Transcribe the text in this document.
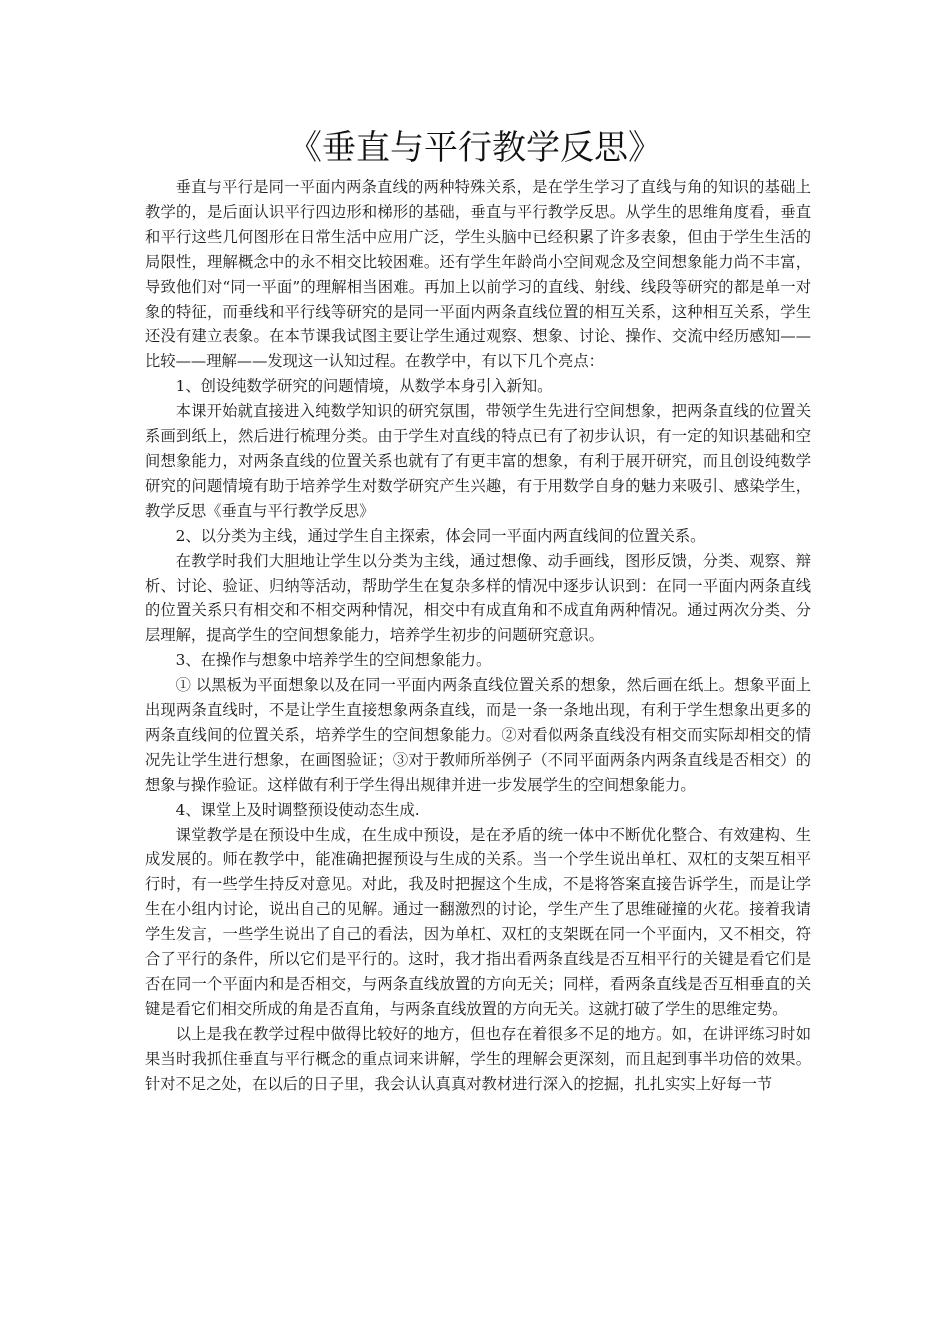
《垂直与平行教学反思》

垂直与平行是同一平面内两条直线的两种特殊关系，是在学生学习了直线与角的知识的基础上教学的，是后面认识平行四边形和梯形的基础，垂直与平行教学反思。从学生的思维角度看，垂直和平行这些几何图形在日常生活中应用广泛，学生头脑中已经积累了许多表象，但由于学生生活的局限性，理解概念中的永不相交比较困难。还有学生年龄尚小空间观念及空间想象能力尚不丰富，导致他们对“同一平面”的理解相当困难。再加上以前学习的直线、射线、线段等研究的都是单一对象的特征，而垂线和平行线等研究的是同一平面内两条直线位置的相互关系，这种相互关系，学生还没有建立表象。在本节课我试图主要让学生通过观察、想象、讨论、操作、交流中经历感知——比较——理解——发现这一认知过程。在教学中，有以下几个亮点：

1、创设纯数学研究的问题情境，从数学本身引入新知。

本课开始就直接进入纯数学知识的研究氛围，带领学生先进行空间想象，把两条直线的位置关系画到纸上，然后进行梳理分类。由于学生对直线的特点已有了初步认识，有一定的知识基础和空间想象能力，对两条直线的位置关系也就有了有更丰富的想象，有利于展开研究，而且创设纯数学研究的问题情境有助于培养学生对数学研究产生兴趣，有于用数学自身的魅力来吸引、感染学生，教学反思《垂直与平行教学反思》

2、以分类为主线，通过学生自主探索，体会同一平面内两直线间的位置关系。

在教学时我们大胆地让学生以分类为主线，通过想像、动手画线，图形反馈，分类、观察、辩析、讨论、验证、归纳等活动，帮助学生在复杂多样的情况中逐步认识到：在同一平面内两条直线的位置关系只有相交和不相交两种情况，相交中有成直角和不成直角两种情况。通过两次分类、分层理解，提高学生的空间想象能力，培养学生初步的问题研究意识。

3、在操作与想象中培养学生的空间想象能力。

① 以黑板为平面想象以及在同一平面内两条直线位置关系的想象，然后画在纸上。想象平面上出现两条直线时，不是让学生直接想象两条直线，而是一条一条地出现，有利于学生想象出更多的两条直线间的位置关系，培养学生的空间想象能力。②对看似两条直线没有相交而实际却相交的情况先让学生进行想象，在画图验证；③对于教师所举例子（不同平面两条内两条直线是否相交）的想象与操作验证。这样做有利于学生得出规律并进一步发展学生的空间想象能力。

4、课堂上及时调整预设使动态生成.

课堂教学是在预设中生成，在生成中预设，是在矛盾的统一体中不断优化整合、有效建构、生成发展的。师在教学中，能准确把握预设与生成的关系。当一个学生说出单杠、双杠的支架互相平行时，有一些学生持反对意见。对此，我及时把握这个生成，不是将答案直接告诉学生，而是让学生在小组内讨论，说出自己的见解。通过一翻激烈的讨论，学生产生了思维碰撞的火花。接着我请学生发言，一些学生说出了自己的看法，因为单杠、双杠的支架既在同一个平面内，又不相交，符合了平行的条件，所以它们是平行的。这时，我才指出看两条直线是否互相平行的关键是看它们是否在同一个平面内和是否相交，与两条直线放置的方向无关；同样，看两条直线是否互相垂直的关键是看它们相交所成的角是否直角，与两条直线放置的方向无关。这就打破了学生的思维定势。

以上是我在教学过程中做得比较好的地方，但也存在着很多不足的地方。如，在讲评练习时如果当时我抓住垂直与平行概念的重点词来讲解，学生的理解会更深刻，而且起到事半功倍的效果。针对不足之处，在以后的日子里，我会认认真真对教材进行深入的挖掘，扎扎实实上好每一节
